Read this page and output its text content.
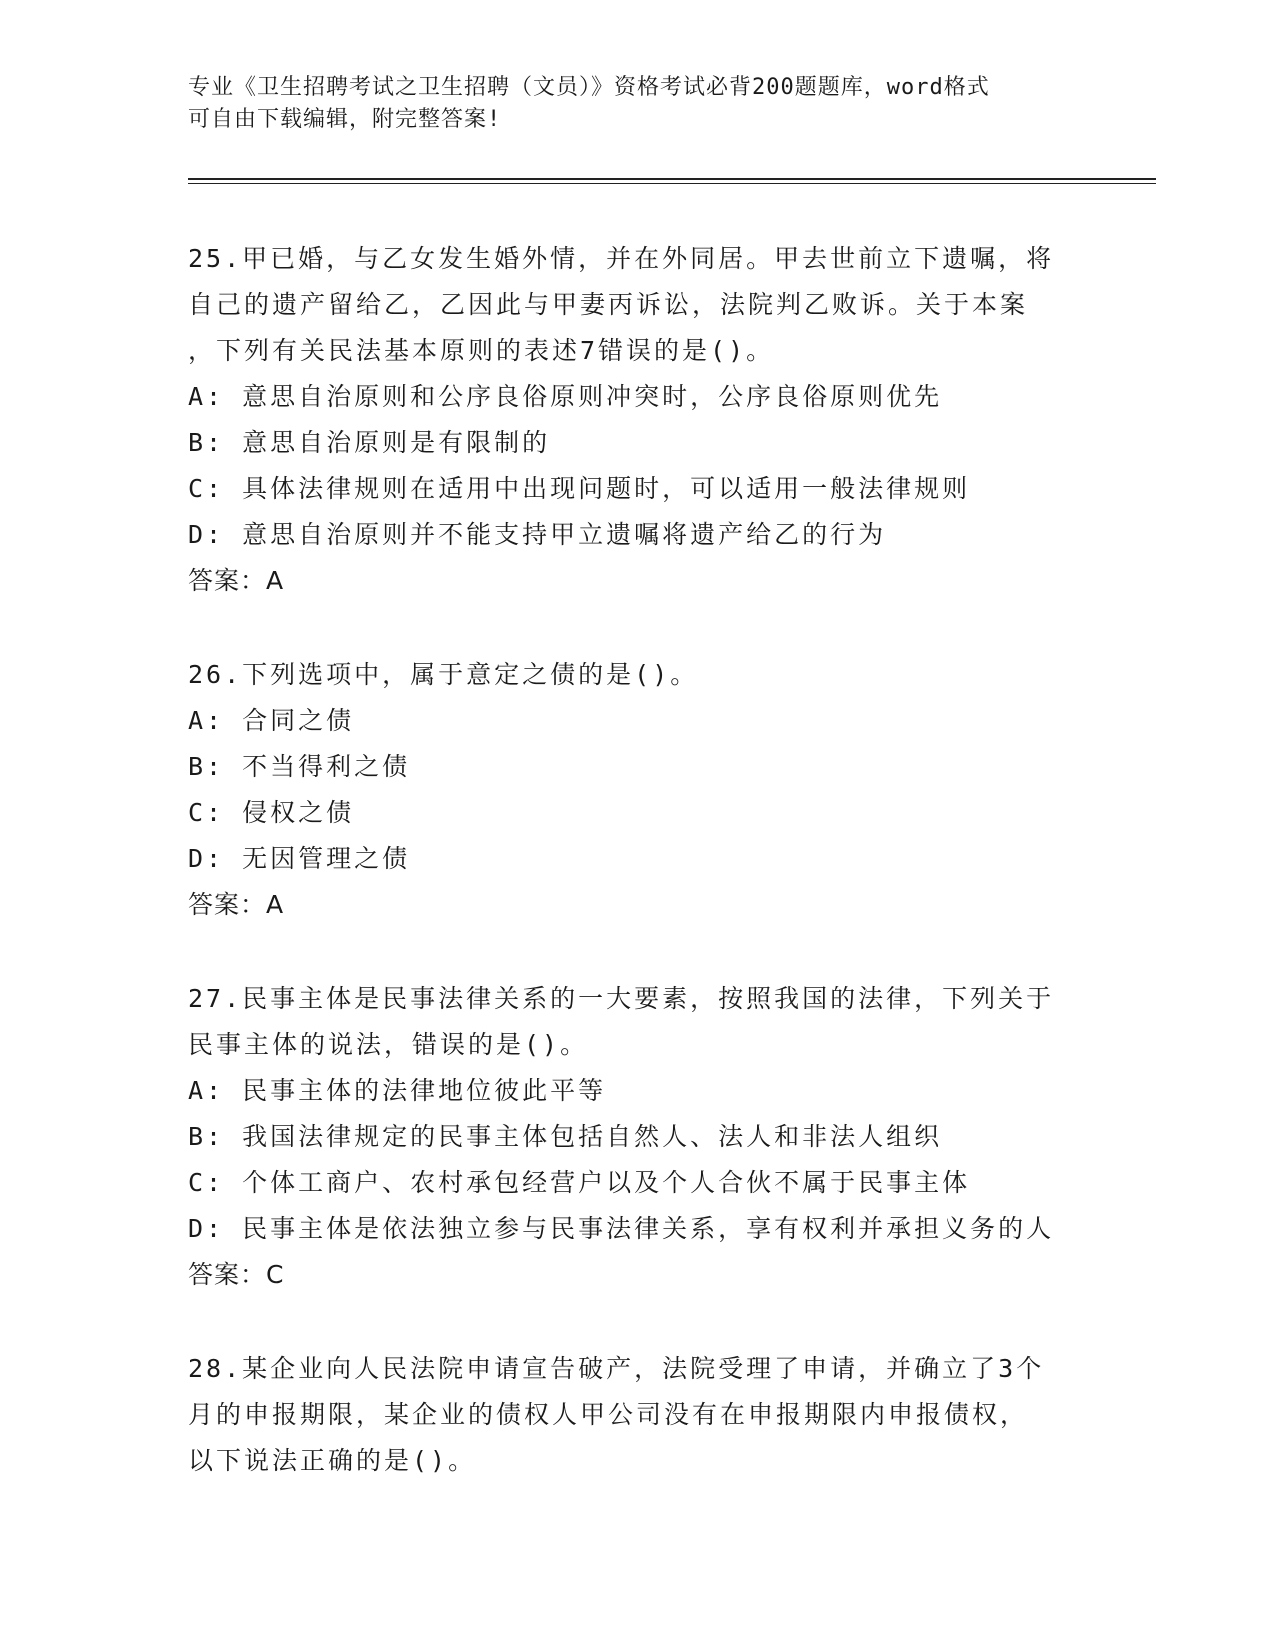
专业《卫生招聘考试之卫生招聘（文员）》资格考试必背200题题库，word格式
可自由下载编辑，附完整答案!
25.甲已婚，与乙女发生婚外情，并在外同居。甲去世前立下遗嘱，将
自己的遗产留给乙，乙因此与甲妻丙诉讼，法院判乙败诉。关于本案
，下列有关民法基本原则的表述7错误的是()。
A: 意思自治原则和公序良俗原则冲突时，公序良俗原则优先
B: 意思自治原则是有限制的
C: 具体法律规则在适用中出现问题时，可以适用一般法律规则
D: 意思自治原则并不能支持甲立遗嘱将遗产给乙的行为
答案：A
26.下列选项中，属于意定之债的是()。
A: 合同之债
B: 不当得利之债
C: 侵权之债
D: 无因管理之债
答案：A
27.民事主体是民事法律关系的一大要素，按照我国的法律，下列关于
民事主体的说法，错误的是()。
A: 民事主体的法律地位彼此平等
B: 我国法律规定的民事主体包括自然人、法人和非法人组织
C: 个体工商户、农村承包经营户以及个人合伙不属于民事主体
D: 民事主体是依法独立参与民事法律关系，享有权利并承担义务的人
答案：C
28.某企业向人民法院申请宣告破产，法院受理了申请，并确立了3个
月的申报期限，某企业的债权人甲公司没有在申报期限内申报债权，
以下说法正确的是()。
